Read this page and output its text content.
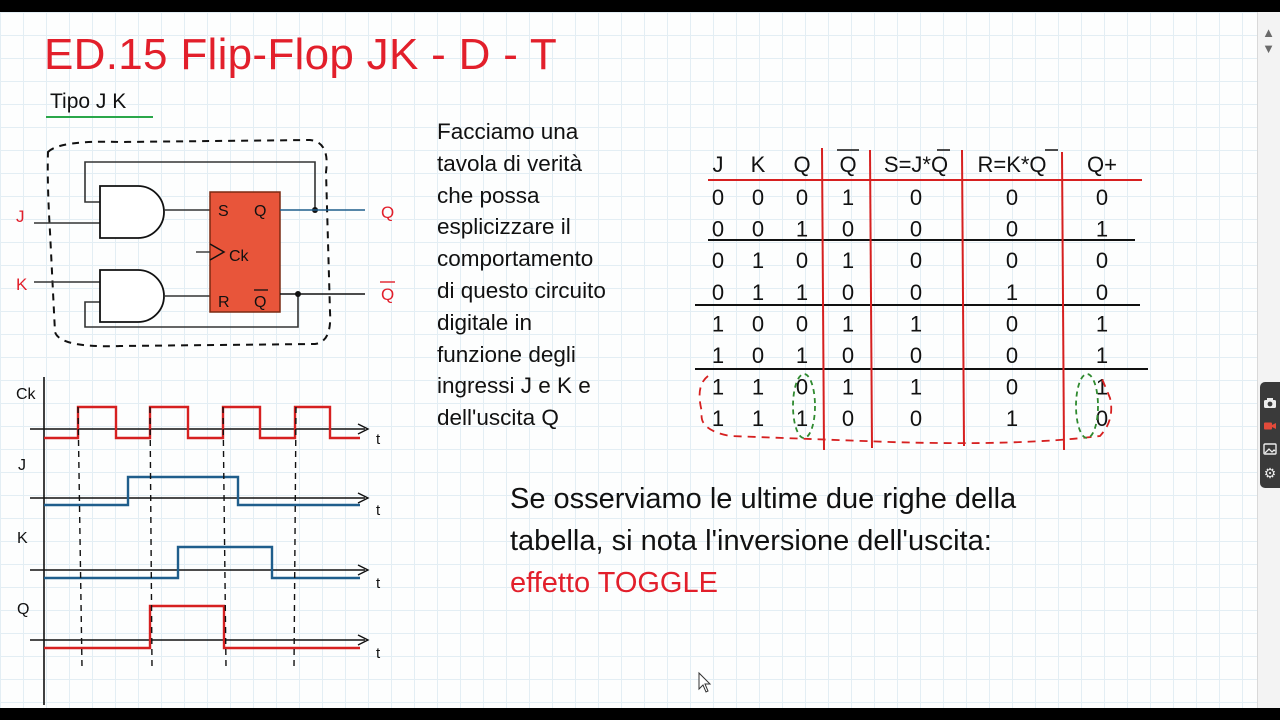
ED.15 Flip-Flop JK - D - T
Tipo J K
J
K
S Q
Ck
R Q
Q
Q
Ck
J
K
Q
t
t
t
t
Facciamo una
tavola di verità
che possa
esplicizzare il
comportamento
di questo circuito
digitale in
funzione degli
ingressi J e K e
dell'uscita Q
J K Q Q S=J*Q R=K*Q Q+
0 0 0 1	0	0	0
0 0 1 0	0	0	1
0 1 0 1	0	0	0
0 1 1 0	0	1	0
1 0 0 1	1	0	1
1 0 1 0	0	0	1
1 1 0 1	1	0	1
1 1 1 0	0	1	0
Se osserviamo le ultime due righe della
tabella, si nota l'inversione dell'uscita:
effetto TOGGLE
▲
▼
⚙
